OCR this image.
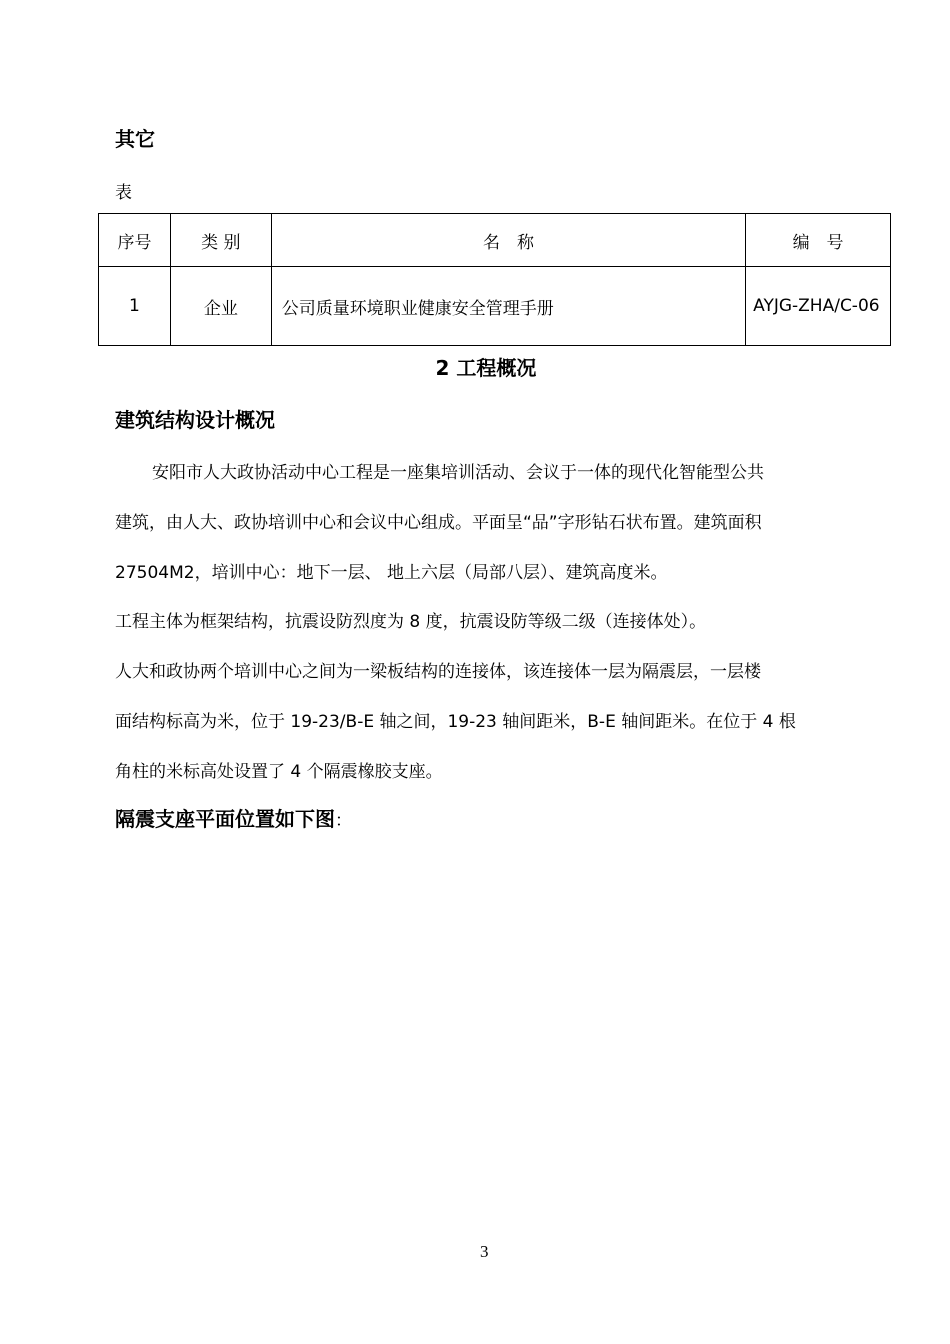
其它
表
序号	类 别	名　称	编　号
1	企业	公司质量环境职业健康安全管理手册	AYJG-ZHA/C-06
2 工程概况
建筑结构设计概况
安阳市人大政协活动中心工程是一座集培训活动、会议于一体的现代化智能型公共
建筑，由人大、政协培训中心和会议中心组成。平面呈“品”字形钻石状布置。建筑面积
27504M2，培训中心：地下一层、 地上六层（局部八层）、建筑高度米。
工程主体为框架结构，抗震设防烈度为 8 度，抗震设防等级二级（连接体处）。
人大和政协两个培训中心之间为一梁板结构的连接体，该连接体一层为隔震层，一层楼
面结构标高为米，位于 19-23/B-E 轴之间，19-23 轴间距米，B-E 轴间距米。在位于 4 根
角柱的米标高处设置了 4 个隔震橡胶支座。
隔震支座平面位置如下图：
3
